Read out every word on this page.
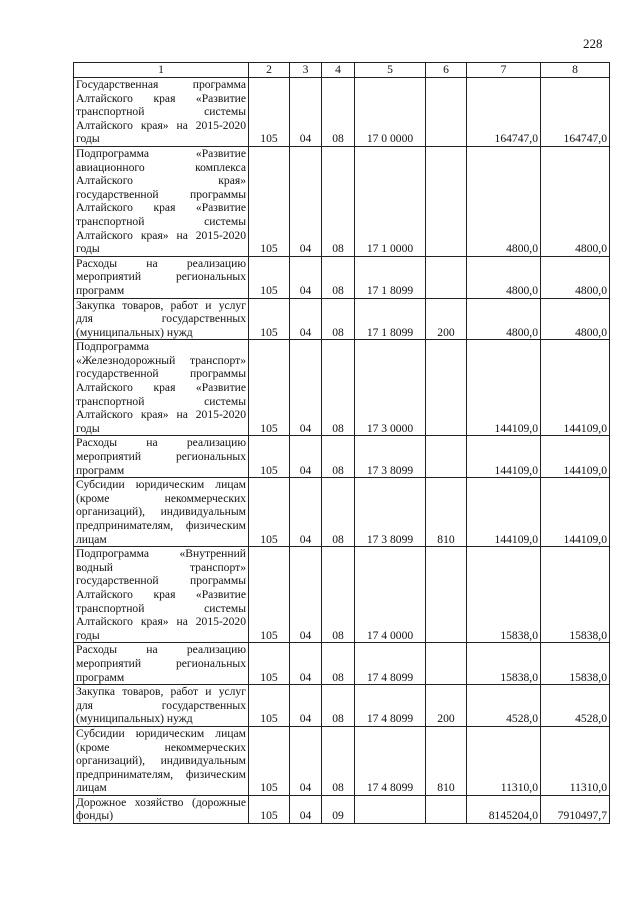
228
1	2	3	4	5	6	7	8
Государственная программа Алтайского края «Развитие транспортной системы Алтайского края» на 2015-2020 годы	105	04	08	17 0 0000		164747,0	164747,0
Подпрограмма «Развитие авиационного комплекса Алтайского края» государственной программы Алтайского края «Развитие транспортной системы Алтайского края» на 2015-2020 годы	105	04	08	17 1 0000		4800,0	4800,0
Расходы на реализацию мероприятий региональных программ	105	04	08	17 1 8099		4800,0	4800,0
Закупка товаров, работ и услуг для государственных (муниципальных) нужд	105	04	08	17 1 8099	200	4800,0	4800,0
Подпрограмма «Железнодорожный транспорт» государственной программы Алтайского края «Развитие транспортной системы Алтайского края» на 2015-2020 годы	105	04	08	17 3 0000		144109,0	144109,0
Расходы на реализацию мероприятий региональных программ	105	04	08	17 3 8099		144109,0	144109,0
Субсидии юридическим лицам (кроме некоммерческих организаций), индивидуальным предпринимателям, физическим лицам	105	04	08	17 3 8099	810	144109,0	144109,0
Подпрограмма «Внутренний водный транспорт» государственной программы Алтайского края «Развитие транспортной системы Алтайского края» на 2015-2020 годы	105	04	08	17 4 0000		15838,0	15838,0
Расходы на реализацию мероприятий региональных программ	105	04	08	17 4 8099		15838,0	15838,0
Закупка товаров, работ и услуг для государственных (муниципальных) нужд	105	04	08	17 4 8099	200	4528,0	4528,0
Субсидии юридическим лицам (кроме некоммерческих организаций), индивидуальным предпринимателям, физическим лицам	105	04	08	17 4 8099	810	11310,0	11310,0
Дорожное хозяйство (дорожные фонды)	105	04	09			8145204,0	7910497,7
